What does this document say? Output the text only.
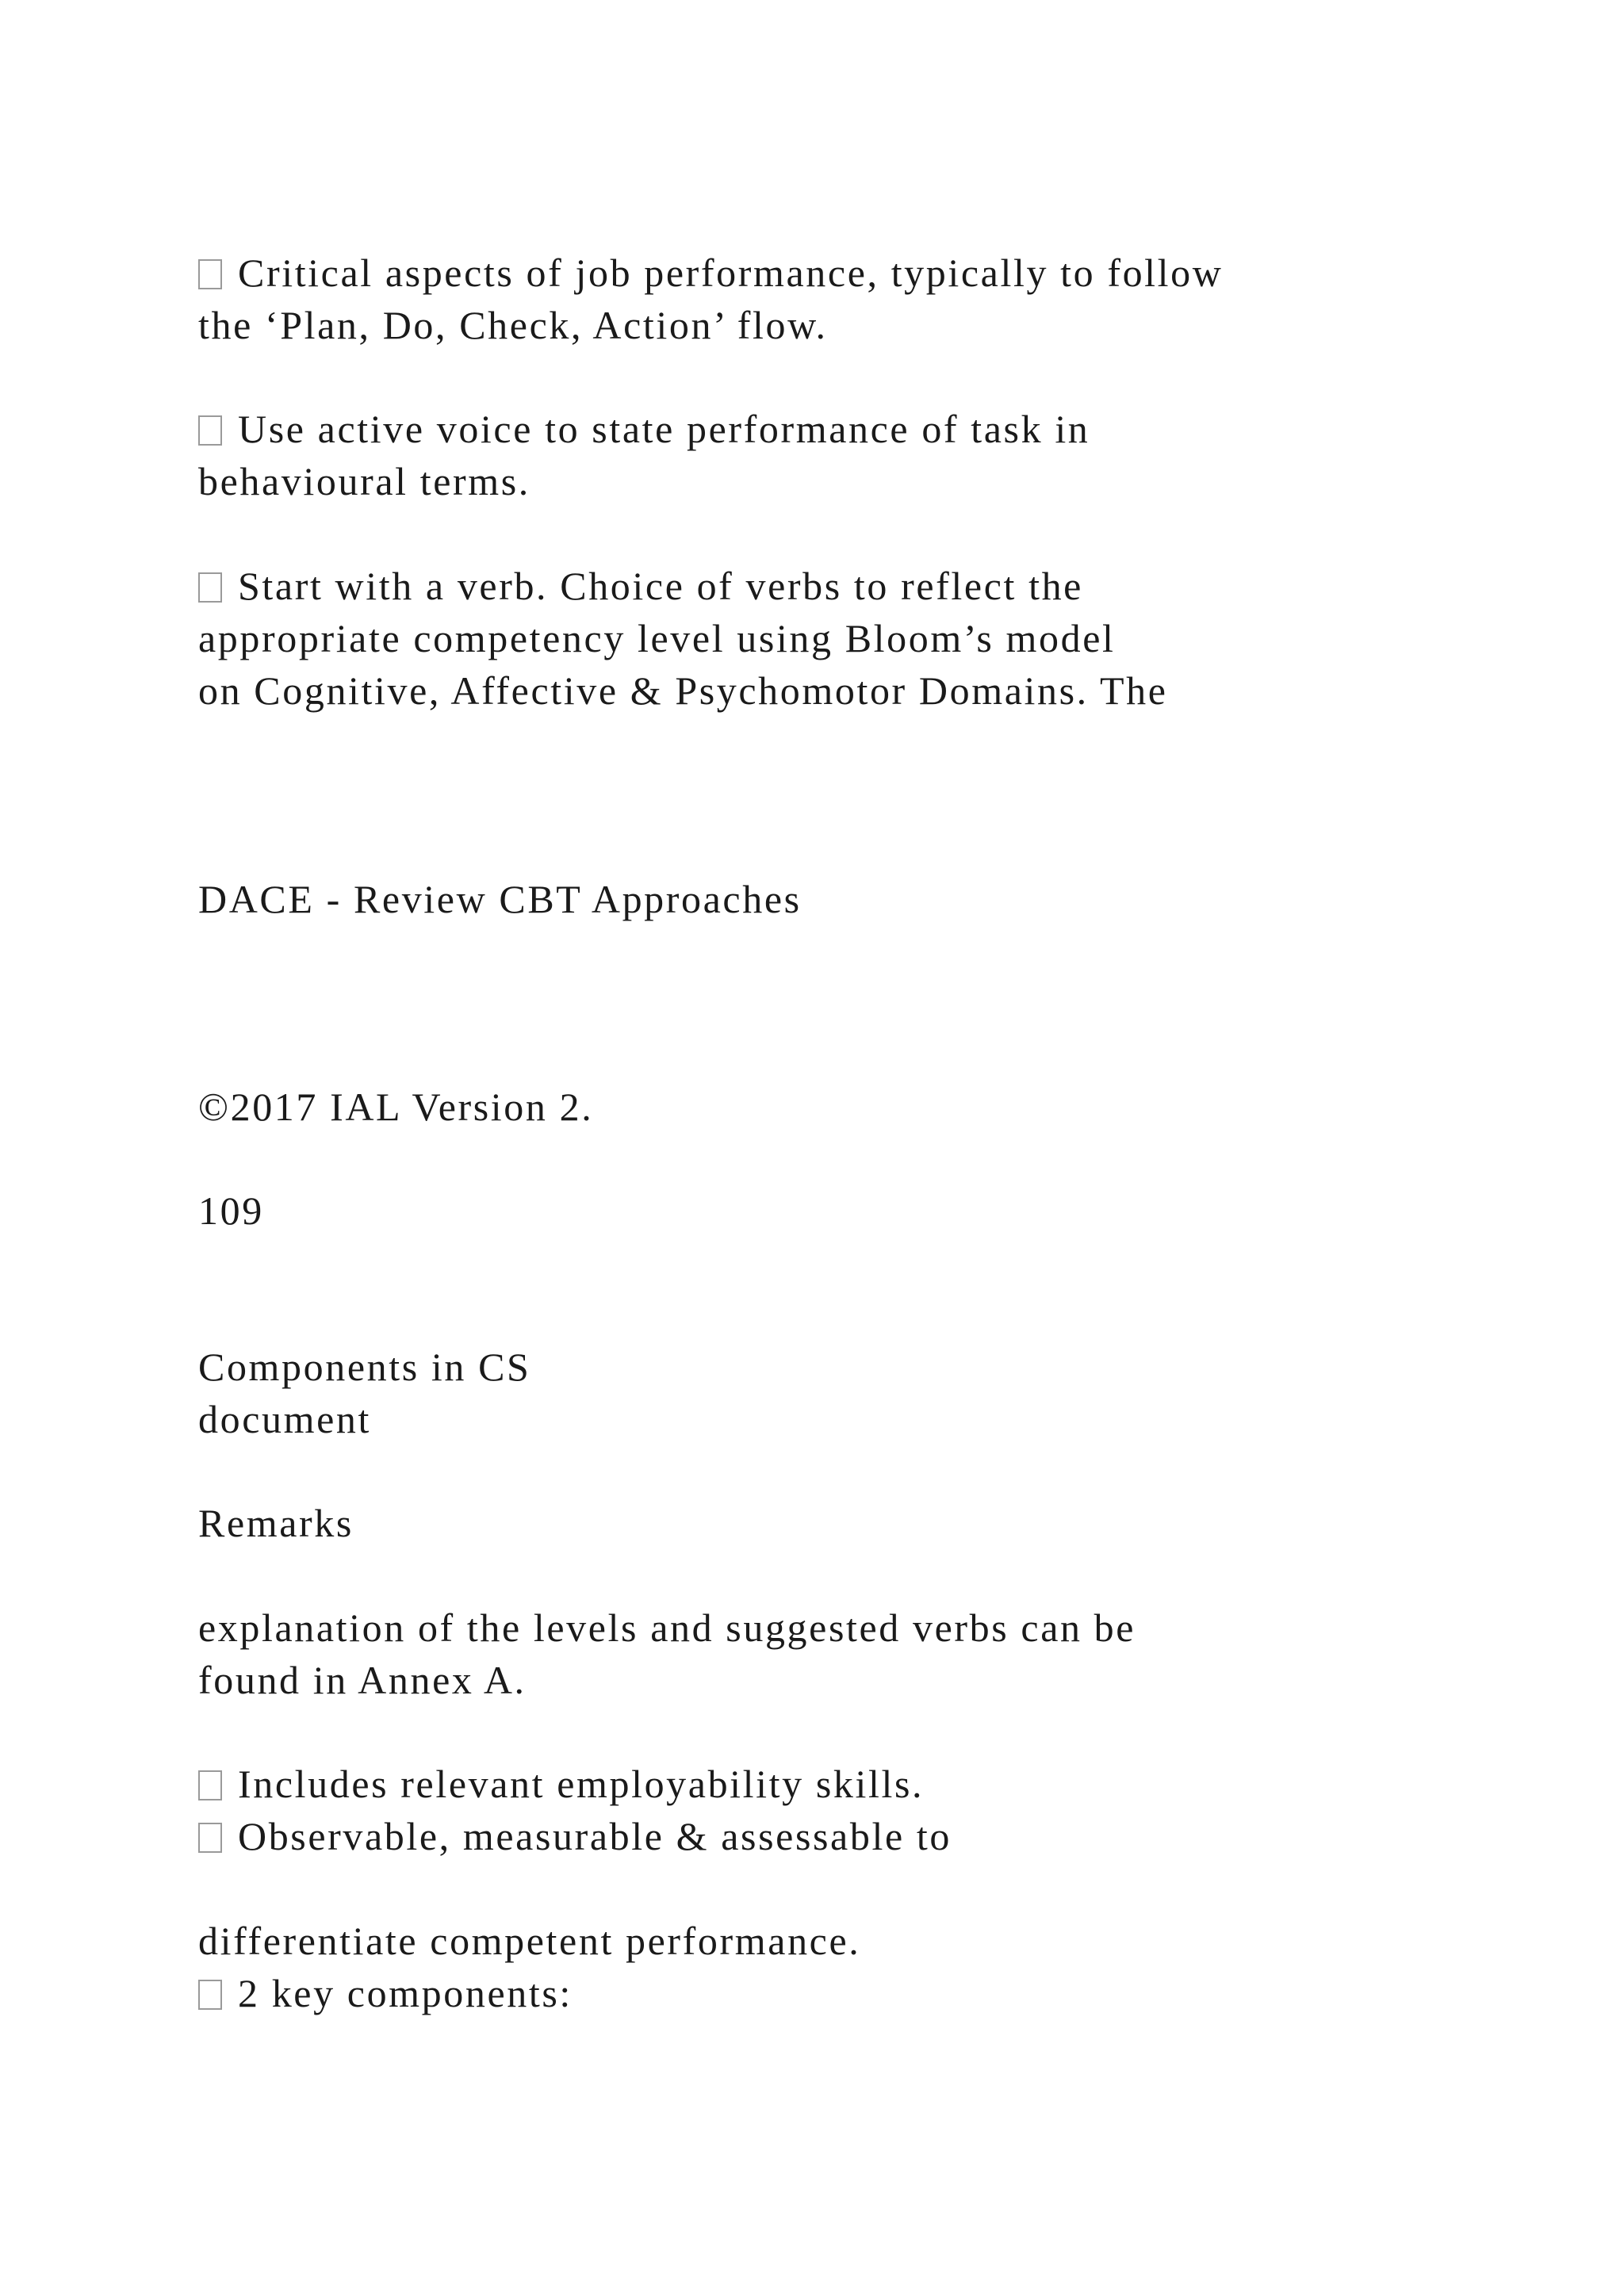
Critical aspects of job performance, typically to follow
the ‘Plan, Do, Check, Action’ flow.
Use active voice to state performance of task in
behavioural terms.
Start with a verb. Choice of verbs to reflect the
appropriate competency level using Bloom’s model
on Cognitive, Affective & Psychomotor Domains. The
DACE - Review CBT Approaches
©2017 IAL Version 2.
109
Components in CS
document
Remarks
explanation of the levels and suggested verbs can be
found in Annex A.
Includes relevant employability skills.
Observable, measurable & assessable to
differentiate competent performance.
2 key components:
